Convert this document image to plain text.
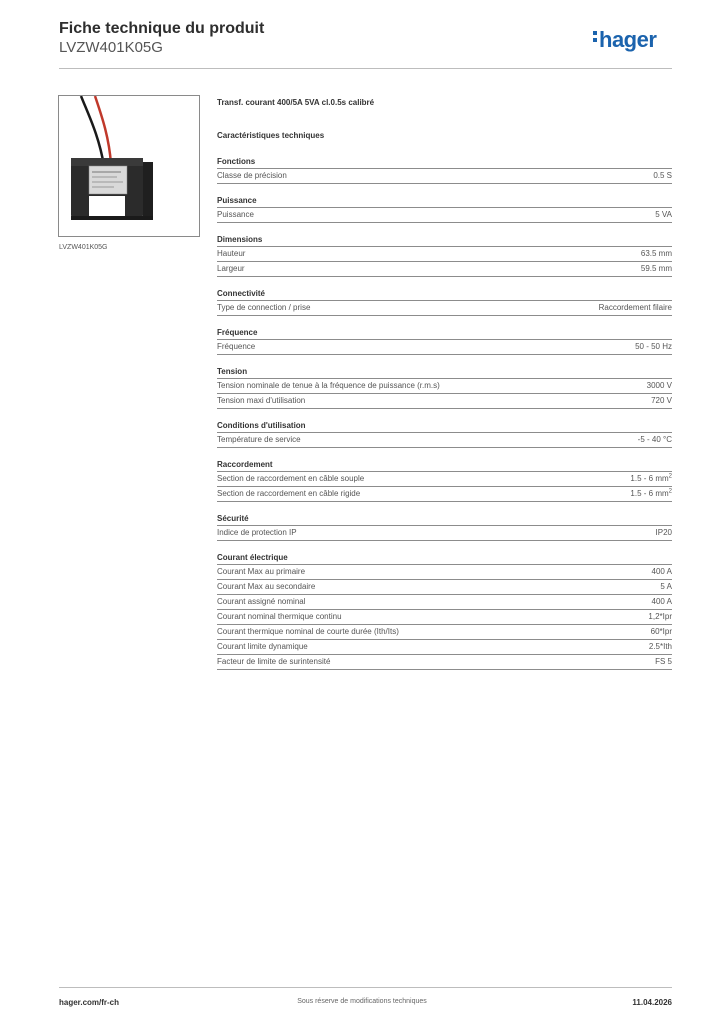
Fiche technique du produit
LVZW401K05G	hager
LVZW401K05G
Transf. courant 400/5A 5VA cl.0.5s calibré
Caractéristiques techniques
Fonctions
Classe de précision	0.5 S
Puissance
Puissance	5 VA
Dimensions
Hauteur	63.5 mm
Largeur	59.5 mm
Connectivité
Type de connection / prise	Raccordement filaire
Fréquence
Fréquence	50 - 50 Hz
Tension
Tension nominale de tenue à la fréquence de puissance (r.m.s)	3000 V
Tension maxi d'utilisation	720 V
Conditions d'utilisation
Température de service	-5 - 40 °C
Raccordement
Section de raccordement en câble souple	1.5 - 6 $mm^2$
Section de raccordement en câble rigide	1.5 - 6 $mm^2$
Sécurité
Indice de protection IP	IP20
Courant électrique
Courant Max au primaire	400 A
Courant Max au secondaire	5 A
Courant assigné nominal	400 A
Courant nominal thermique continu	1,2*Ipr
Courant thermique nominal de courte durée (Ith/Its)	60*Ipr
Courant limite dynamique	2.5*Ith
Facteur de limite de surintensité	FS 5
hager.com/fr-ch	Sous réserve de modifications techniques	11.04.2026
